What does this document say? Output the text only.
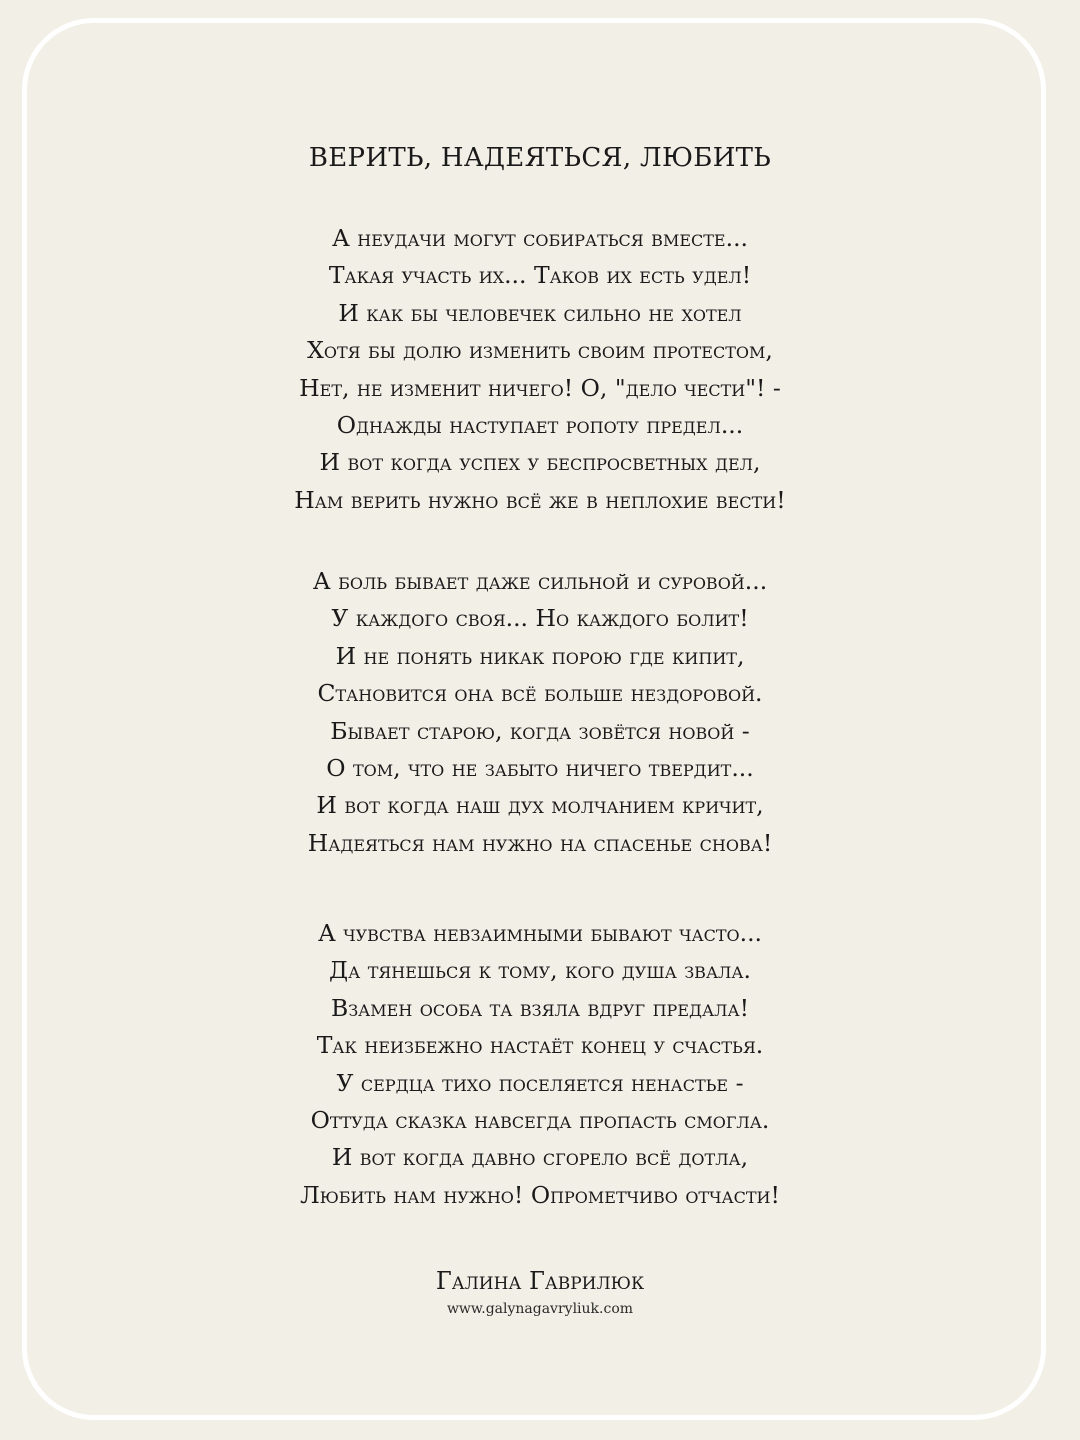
ВЕРИТЬ, НАДЕЯТЬСЯ, ЛЮБИТЬ

А неудачи могут собираться вместе...
Такая участь их... Таков их есть удел!
И как бы человечек сильно не хотел
Хотя бы долю изменить своим протестом,
Нет, не изменит ничего! О, "дело чести"! -
Однажды наступает ропоту предел...
И вот когда успех у беспросветных дел,
Нам верить нужно всё же в неплохие вести!

А боль бывает даже сильной и суровой...
У каждого своя... Но каждого болит!
И не понять никак порою где кипит,
Становится она всё больше нездоровой.
Бывает старою, когда зовётся новой -
О том, что не забыто ничего твердит...
И вот когда наш дух молчанием кричит,
Надеяться нам нужно на спасенье снова!

А чувства невзаимными бывают часто...
Да тянешься к тому, кого душа звала.
Взамен особа та взяла вдруг предала!
Так неизбежно настаёт конец у счастья.
У сердца тихо поселяется ненастье -
Оттуда сказка навсегда пропасть смогла.
И вот когда давно сгорело всё дотла,
Любить нам нужно! Опрометчиво отчасти!

Галина Гаврилюк

www.galynagavryliuk.com
